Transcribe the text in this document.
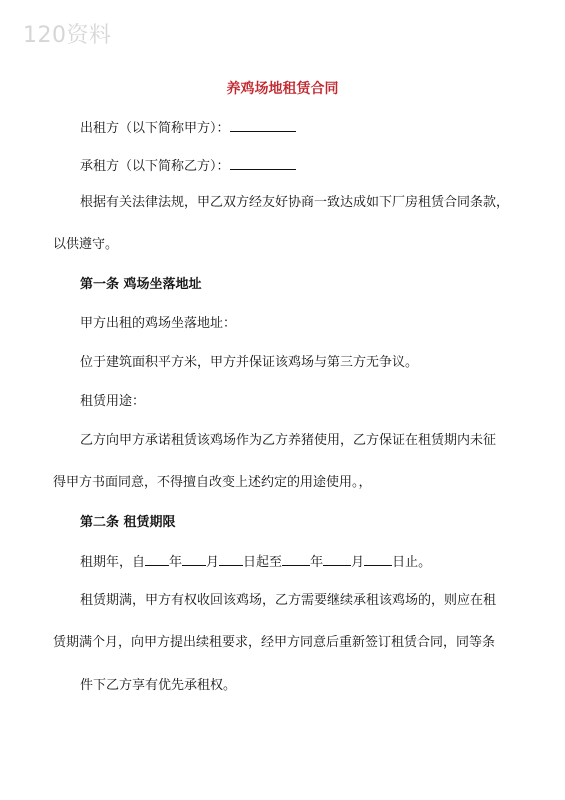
120资料
养鸡场地租赁合同
出租方（以下简称甲方）：
承租方（以下简称乙方）：
根据有关法律法规，甲乙双方经友好协商一致达成如下厂房租赁合同条款，
以供遵守。
第一条 鸡场坐落地址
甲方出租的鸡场坐落地址：
位于建筑面积平方米，甲方并保证该鸡场与第三方无争议。
租赁用途：
乙方向甲方承诺租赁该鸡场作为乙方养猪使用，乙方保证在租赁期内未征
得甲方书面同意，不得擅自改变上述约定的用途使用。，
第二条 租赁期限
租期年，自 年 月 日起至 年 月 日止。
租赁期满，甲方有权收回该鸡场，乙方需要继续承租该鸡场的，则应在租
赁期满个月，向甲方提出续租要求，经甲方同意后重新签订租赁合同，同等条
件下乙方享有优先承租权。
